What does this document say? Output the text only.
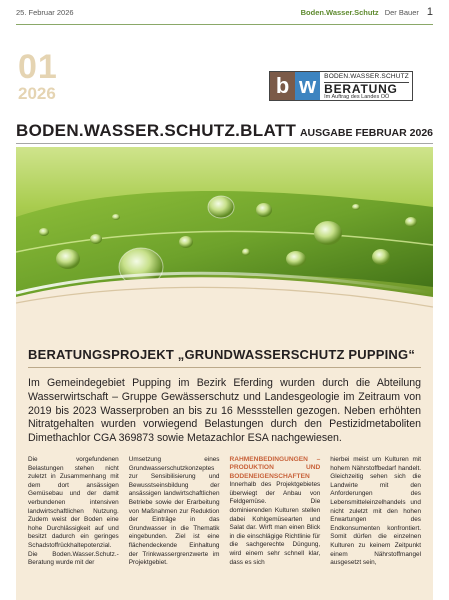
25. Februar 2026	Boden.Wasser.Schutz Der Bauer 1
01
2026	b w	BODEN.WASSER.SCHUTZ
BERATUNG
Im Auftrag des Landes OÖ
BODEN.WASSER.SCHUTZ.BLATT AUSGABE FEBRUAR 2026
BERATUNGSPROJEKT „GRUNDWASSERSCHUTZ PUPPING“
Im Gemeindegebiet Pupping im Bezirk Eferding wurden durch die Abteilung Wasserwirtschaft – Gruppe Gewässerschutz und Landesgeologie im Zeitraum von 2019 bis 2023 Wasserproben an bis zu 16 Messstellen gezogen. Neben erhöhten Nitratgehalten wurden vorwiegend Belastungen durch den Pestizidmetaboliten Dimethachlor CGA 369873 sowie Metazachlor ESA nachgewiesen.

Die vorgefundenen Belastungen stehen nicht zuletzt in Zusammenhang mit dem dort ansässigen Gemüsebau und der damit verbundenen intensiven landwirtschaftlichen Nutzung. Zudem weist der Boden eine hohe Durchlässigkeit auf und besitzt dadurch ein geringes Schadstoffrückhaltepotenzial. Die Boden.Wasser.Schutz.-Beratung wurde mit der

Umsetzung eines Grundwasserschutzkonzeptes zur Sensibilisierung und Bewusstseinsbildung der ansässigen landwirtschaftlichen Betriebe sowie der Erarbeitung von Maßnahmen zur Reduktion der Einträge in das Grundwasser in die Thematik eingebunden. Ziel ist eine flächendeckende Einhaltung der Trinkwassergrenzwerte im Projektgebiet.

RAHMENBEDINGUNGEN – PRODUKTION UND BODENEIGENSCHAFTEN

Innerhalb des Projektgebietes überwiegt der Anbau von Feldgemüse. Die dominierenden Kulturen stellen dabei Kohlgemüsearten und Salat dar. Wirft man einen Blick in die einschlägige Richtlinie für die sachgerechte Düngung, wird einem sehr schnell klar, dass es sich

hierbei meist um Kulturen mit hohem Nährstoffbedarf handelt. Gleichzeitig sehen sich die Landwirte mit den Anforderungen des Lebensmitteleinzelhandels und nicht zuletzt mit den hohen Erwartungen des Endkonsumenten konfrontiert. Somit dürfen die einzelnen Kulturen zu keinem Zeitpunkt einem Nährstoffmangel ausgesetzt sein,
